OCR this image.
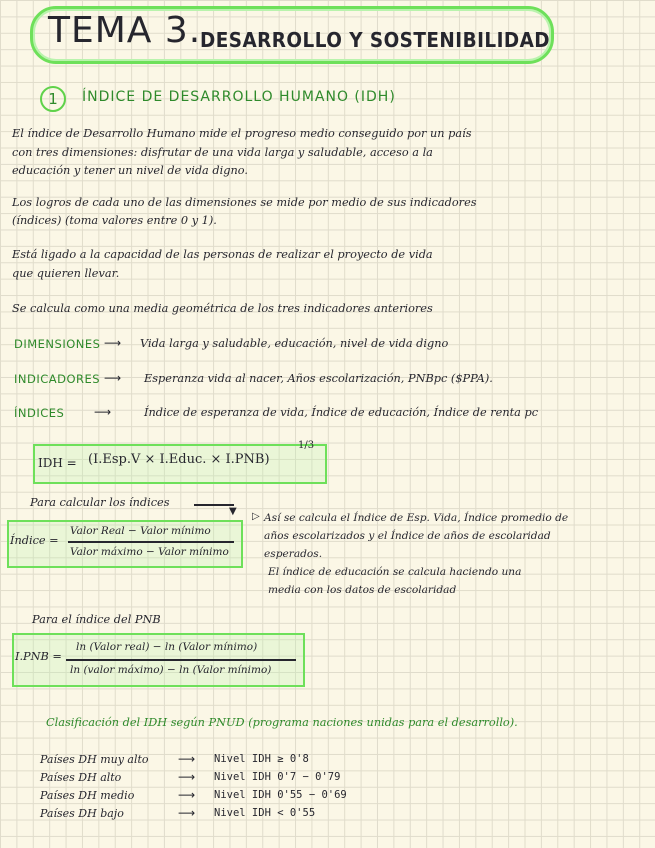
TEMA 3.
DESARROLLO Y SOSTENIBILIDAD
1	ÍNDICE DE DESARROLLO HUMANO (IDH)
El índice de Desarrollo Humano mide el progreso medio conseguido por un país
con tres dimensiones: disfrutar de una vida larga y saludable, acceso a la
educación y tener un nivel de vida digno.
Los logros de cada uno de las dimensiones se mide por medio de sus indicadores
(índices) (toma valores entre 0 y 1).
Está ligado a la capacidad de las personas de realizar el proyecto de vida
que quieren llevar.
Se calcula como una media geométrica de los tres indicadores anteriores
DIMENSIONES ⟶ Vida larga y saludable, educación, nivel de vida digno
INDICADORES ⟶ Esperanza vida al nacer, Años escolarización, PNBpc ($PPA).
ÍNDICES ⟶	Índice de esperanza de vida, Índice de educación, Índice de renta pc
IDH = (I.Esp.V × I.Educ. × I.PNB)
1/3
Para calcular los índices
▼
Índice =
Valor Real − Valor mínimo
Valor máximo − Valor mínimo
▷ Así se calcula el Índice de Esp. Vida, Índice promedio de
años escolarizados y el Índice de años de escolaridad
esperados.
El índice de educación se calcula haciendo una
media con los datos de escolaridad
Para el índice del PNB
I.PNB =
ln (Valor real) − ln (Valor mínimo)
ln (valor máximo) − ln (Valor mínimo)
Clasificación del IDH según PNUD (programa naciones unidas para el desarrollo).
Países DH muy alto ⟶ Nivel IDH ≥ 0'8
Países DH alto	⟶ Nivel IDH 0'7 − 0'79
Países DH medio	⟶ Nivel IDH 0'55 − 0'69
Países DH bajo	⟶ Nivel IDH < 0'55
